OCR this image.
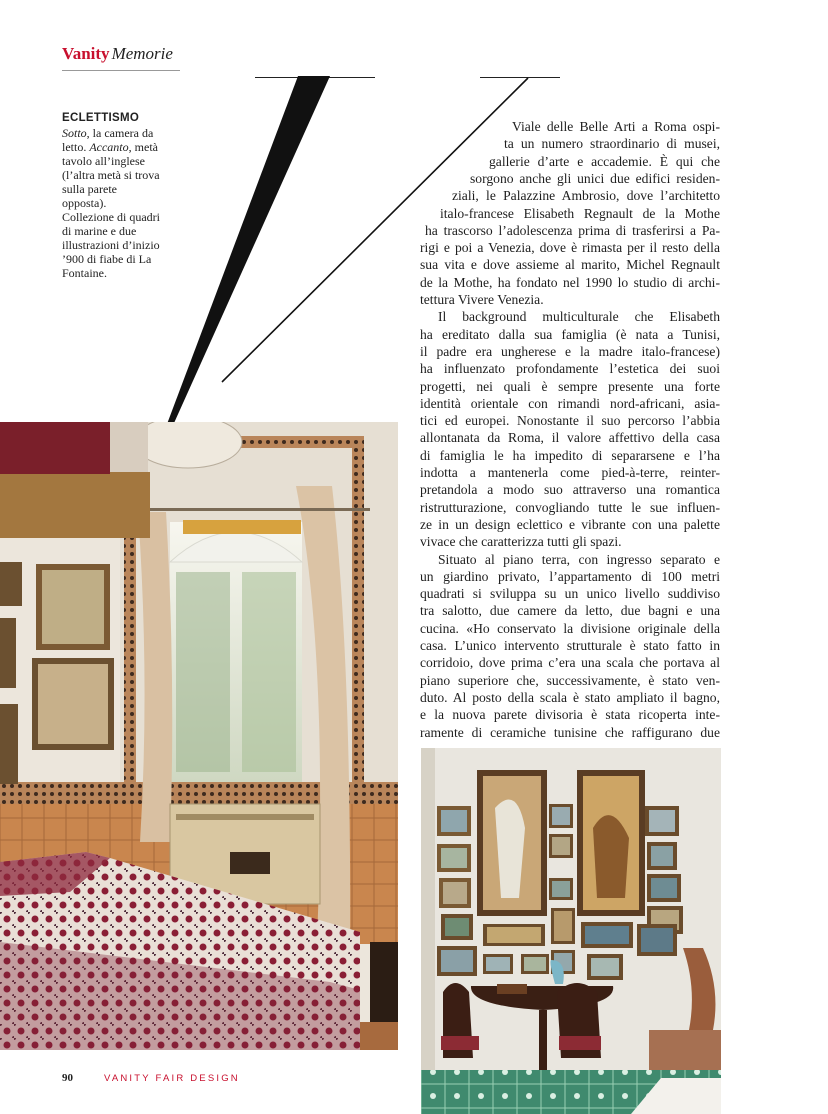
Vanity Memorie
ECLETTISMO
Sotto, la camera da letto. Accanto, metà tavolo all’inglese (l’altra metà si trova sulla parete opposta). Collezione di quadri di marine e due illustrazioni d’inizio ’900 di fiabe di La Fontaine.
Viale delle Belle Arti a Roma ospi-
ta un numero straordinario di musei,
gallerie d’arte e accademie. È qui che
sorgono anche gli unici due edifici residen-
ziali, le Palazzine Ambrosio, dove l’architetto
italo-francese Elisabeth Regnault de la Mothe
ha trascorso l’adolescenza prima di trasferirsi a Pa-
rigi e poi a Venezia, dove è rimasta per il resto della
sua vita e dove assieme al marito, Michel Regnault
de la Mothe, ha fondato nel 1990 lo studio di archi-
tettura Vivere Venezia.
Il background multiculturale che Elisabeth
ha ereditato dalla sua famiglia (è nata a Tunisi,
il padre era ungherese e la madre italo-francese)
ha influenzato profondamente l’estetica dei suoi
progetti, nei quali è sempre presente una forte
identità orientale con rimandi nord-africani, asia-
tici ed europei. Nonostante il suo percorso l’abbia
allontanata da Roma, il valore affettivo della casa
di famiglia le ha impedito di separarsene e l’ha
indotta a mantenerla come pied-à-terre, reinter-
pretandola a modo suo attraverso una romantica
ristrutturazione, convogliando tutte le sue influen-
ze in un design eclettico e vibrante con una palette
vivace che caratterizza tutti gli spazi.
Situato al piano terra, con ingresso separato e
un giardino privato, l’appartamento di 100 metri
quadrati si sviluppa su un unico livello suddiviso
tra salotto, due camere da letto, due bagni e una
cucina. «Ho conservato la divisione originale della
casa. L’unico intervento strutturale è stato fatto in
corridoio, dove prima c’era una scala che portava al
piano superiore che, successivamente, è stato ven-
duto. Al posto della scala è stato ampliato il bagno,
e la nuova parete divisoria è stata ricoperta inte-
ramente di ceramiche tunisine che raffigurano due
90	VANITY FAIR DESIGN
